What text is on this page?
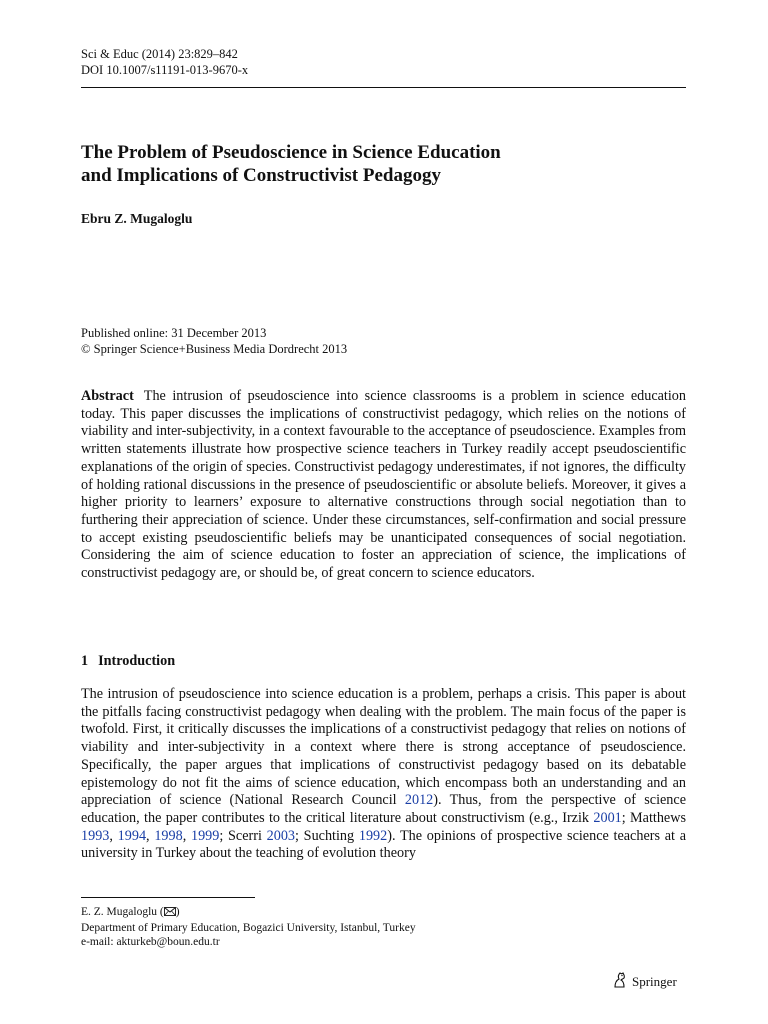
Sci & Educ (2014) 23:829–842
DOI 10.1007/s11191-013-9670-x
The Problem of Pseudoscience in Science Education
and Implications of Constructivist Pedagogy
Ebru Z. Mugaloglu
Published online: 31 December 2013
© Springer Science+Business Media Dordrecht 2013
Abstract The intrusion of pseudoscience into science classrooms is a problem in science education today. This paper discusses the implications of constructivist pedagogy, which relies on the notions of viability and inter-subjectivity, in a context favourable to the acceptance of pseudoscience. Examples from written statements illustrate how prospective science teachers in Turkey readily accept pseudoscientific explanations of the origin of species. Constructivist pedagogy underestimates, if not ignores, the difficulty of holding rational discussions in the presence of pseudoscientific or absolute beliefs. Moreover, it gives a higher priority to learners’ exposure to alternative constructions through social negotiation than to furthering their appreciation of science. Under these circumstances, self-confirmation and social pressure to accept existing pseudoscientific beliefs may be unanticipated consequences of social negotiation. Considering the aim of science education to foster an appreciation of science, the implications of constructivist pedagogy are, or should be, of great concern to science educators.
1 Introduction
The intrusion of pseudoscience into science education is a problem, perhaps a crisis. This paper is about the pitfalls facing constructivist pedagogy when dealing with the problem. The main focus of the paper is twofold. First, it critically discusses the implications of a constructivist pedagogy that relies on notions of viability and inter-subjectivity in a context where there is strong acceptance of pseudoscience. Specifically, the paper argues that implications of constructivist pedagogy based on its debatable epistemology do not fit the aims of science education, which encompass both an understanding and an appreciation of science (National Research Council 2012). Thus, from the perspective of science education, the paper contributes to the critical literature about constructivism (e.g., Irzik 2001; Matthews 1993, 1994, 1998, 1999; Scerri 2003; Suchting 1992). The opinions of prospective science teachers at a university in Turkey about the teaching of evolution theory
E. Z. Mugaloglu ( )
Department of Primary Education, Bogazici University, Istanbul, Turkey
e-mail: akturkeb@boun.edu.tr
Springer
